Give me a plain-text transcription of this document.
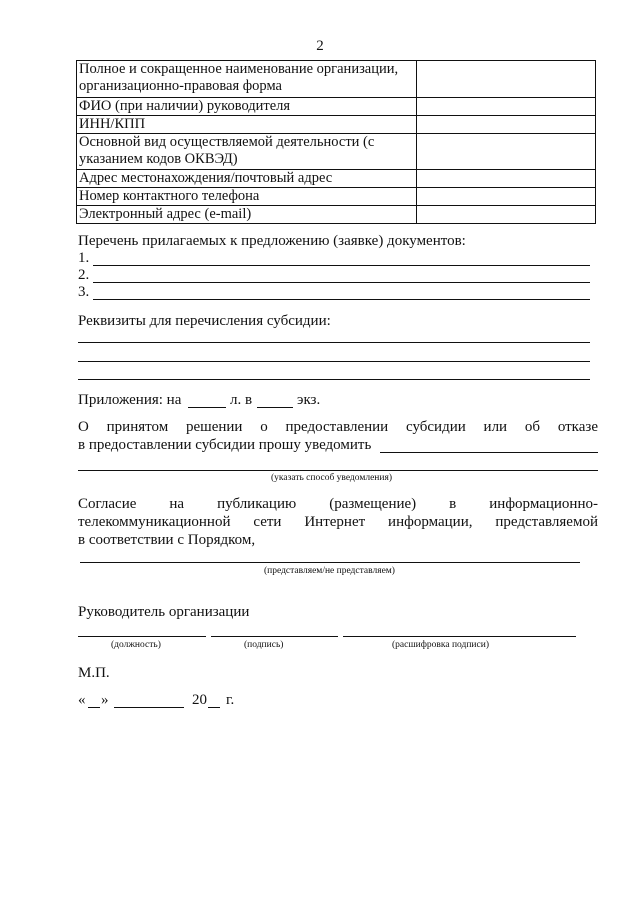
2
Полное и сокращенное наименование организации, организационно-правовая форма	
ФИО (при наличии) руководителя	
ИНН/КПП	
Основной вид осуществляемой деятельности (с указанием кодов ОКВЭД)	
Адрес местонахождения/почтовый адрес	
Номер контактного телефона	
Электронный адрес (e-mail)	
Перечень прилагаемых к предложению (заявке) документов:
1.
2.
3.
Реквизиты для перечисления субсидии:
Приложения: на	л. в	экз.
О принятом решении о предоставлении субсидии или об отказе
в предоставлении субсидии прошу уведомить
(указать способ уведомления)
Согласие на публикацию (размещение) в информационно-
телекоммуникационной сети Интернет информации, представляемой
в соответствии с Порядком,
(представляем/не представляем)
Руководитель организации
(должность)	(подпись)	(расшифровка подписи)
М.П.
« »	20 г.
